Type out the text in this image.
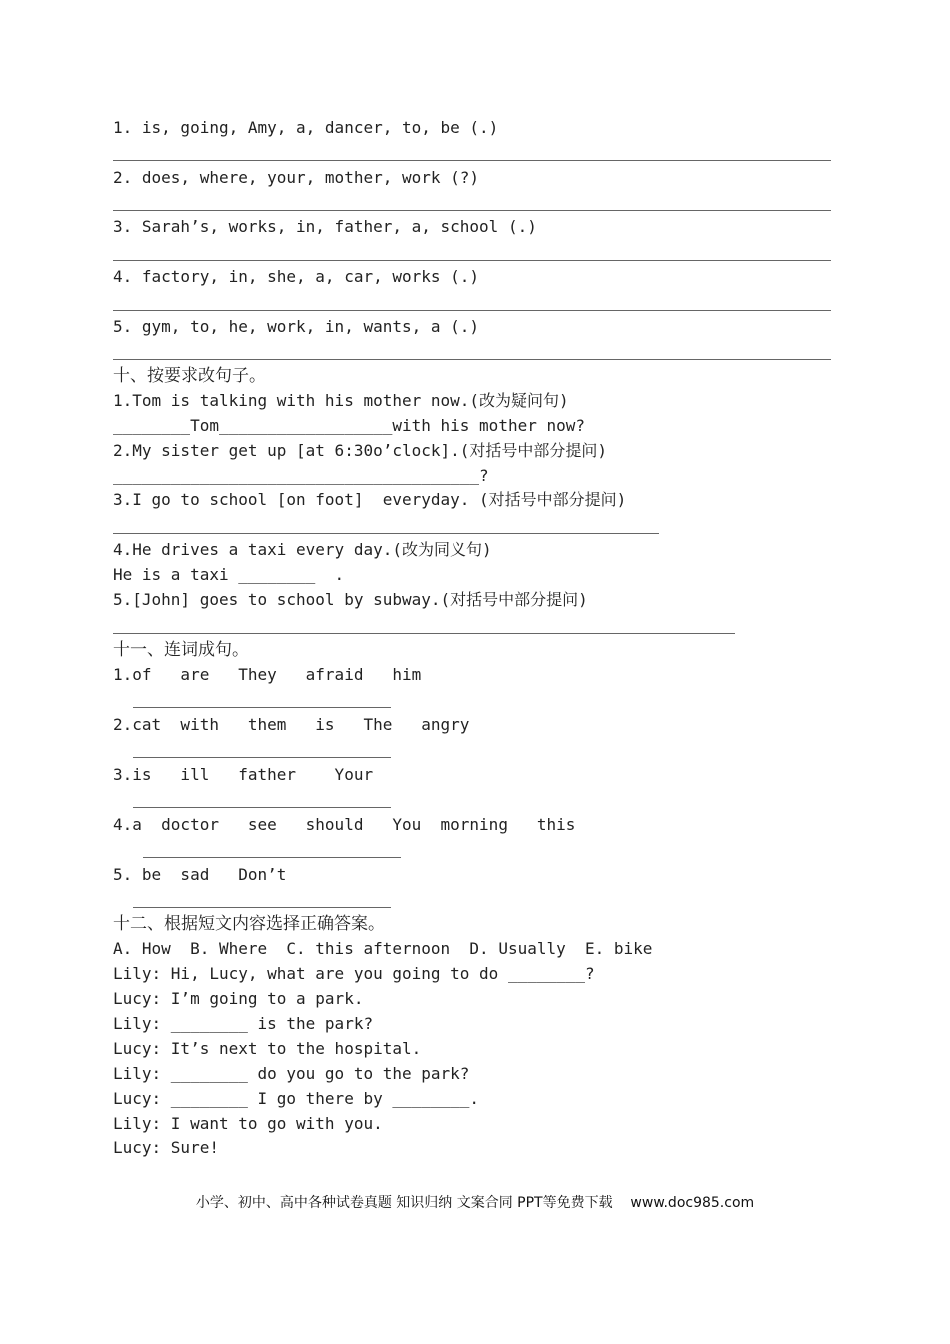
1. is, going, Amy, a, dancer, to, be (.)
2. does, where, your, mother, work (?)
3. Sarah’s, works, in, father, a, school (.)
4. factory, in, she, a, car, works (.)
5. gym, to, he, work, in, wants, a (.)
十、按要求改句子。
1.Tom is talking with his mother now.(改为疑问句)
________Tom__________________with his mother now?
2.My sister get up [at 6:30o’clock].(对括号中部分提问)
______________________________________?
3.I go to school [on foot]  everyday. (对括号中部分提问)
4.He drives a taxi every day.(改为同义句)
He is a taxi ________  .
5.[John] goes to school by subway.(对括号中部分提问)
十一、连词成句。
1.of   are   They   afraid   him
2.cat  with   them   is   The   angry
3.is   ill   father    Your
4.a  doctor   see   should   You  morning   this
5. be  sad   Don’t
十二、根据短文内容选择正确答案。
A. How  B. Where  C. this afternoon  D. Usually  E. bike
Lily: Hi, Lucy, what are you going to do ________?
Lucy: I’m going to a park.
Lily: ________ is the park?
Lucy: It’s next to the hospital.
Lily: ________ do you go to the park?
Lucy: ________ I go there by ________.
Lily: I want to go with you.
Lucy: Sure!
小学、初中、高中各种试卷真题 知识归纳 文案合同 PPT等免费下载    www.doc985.com
